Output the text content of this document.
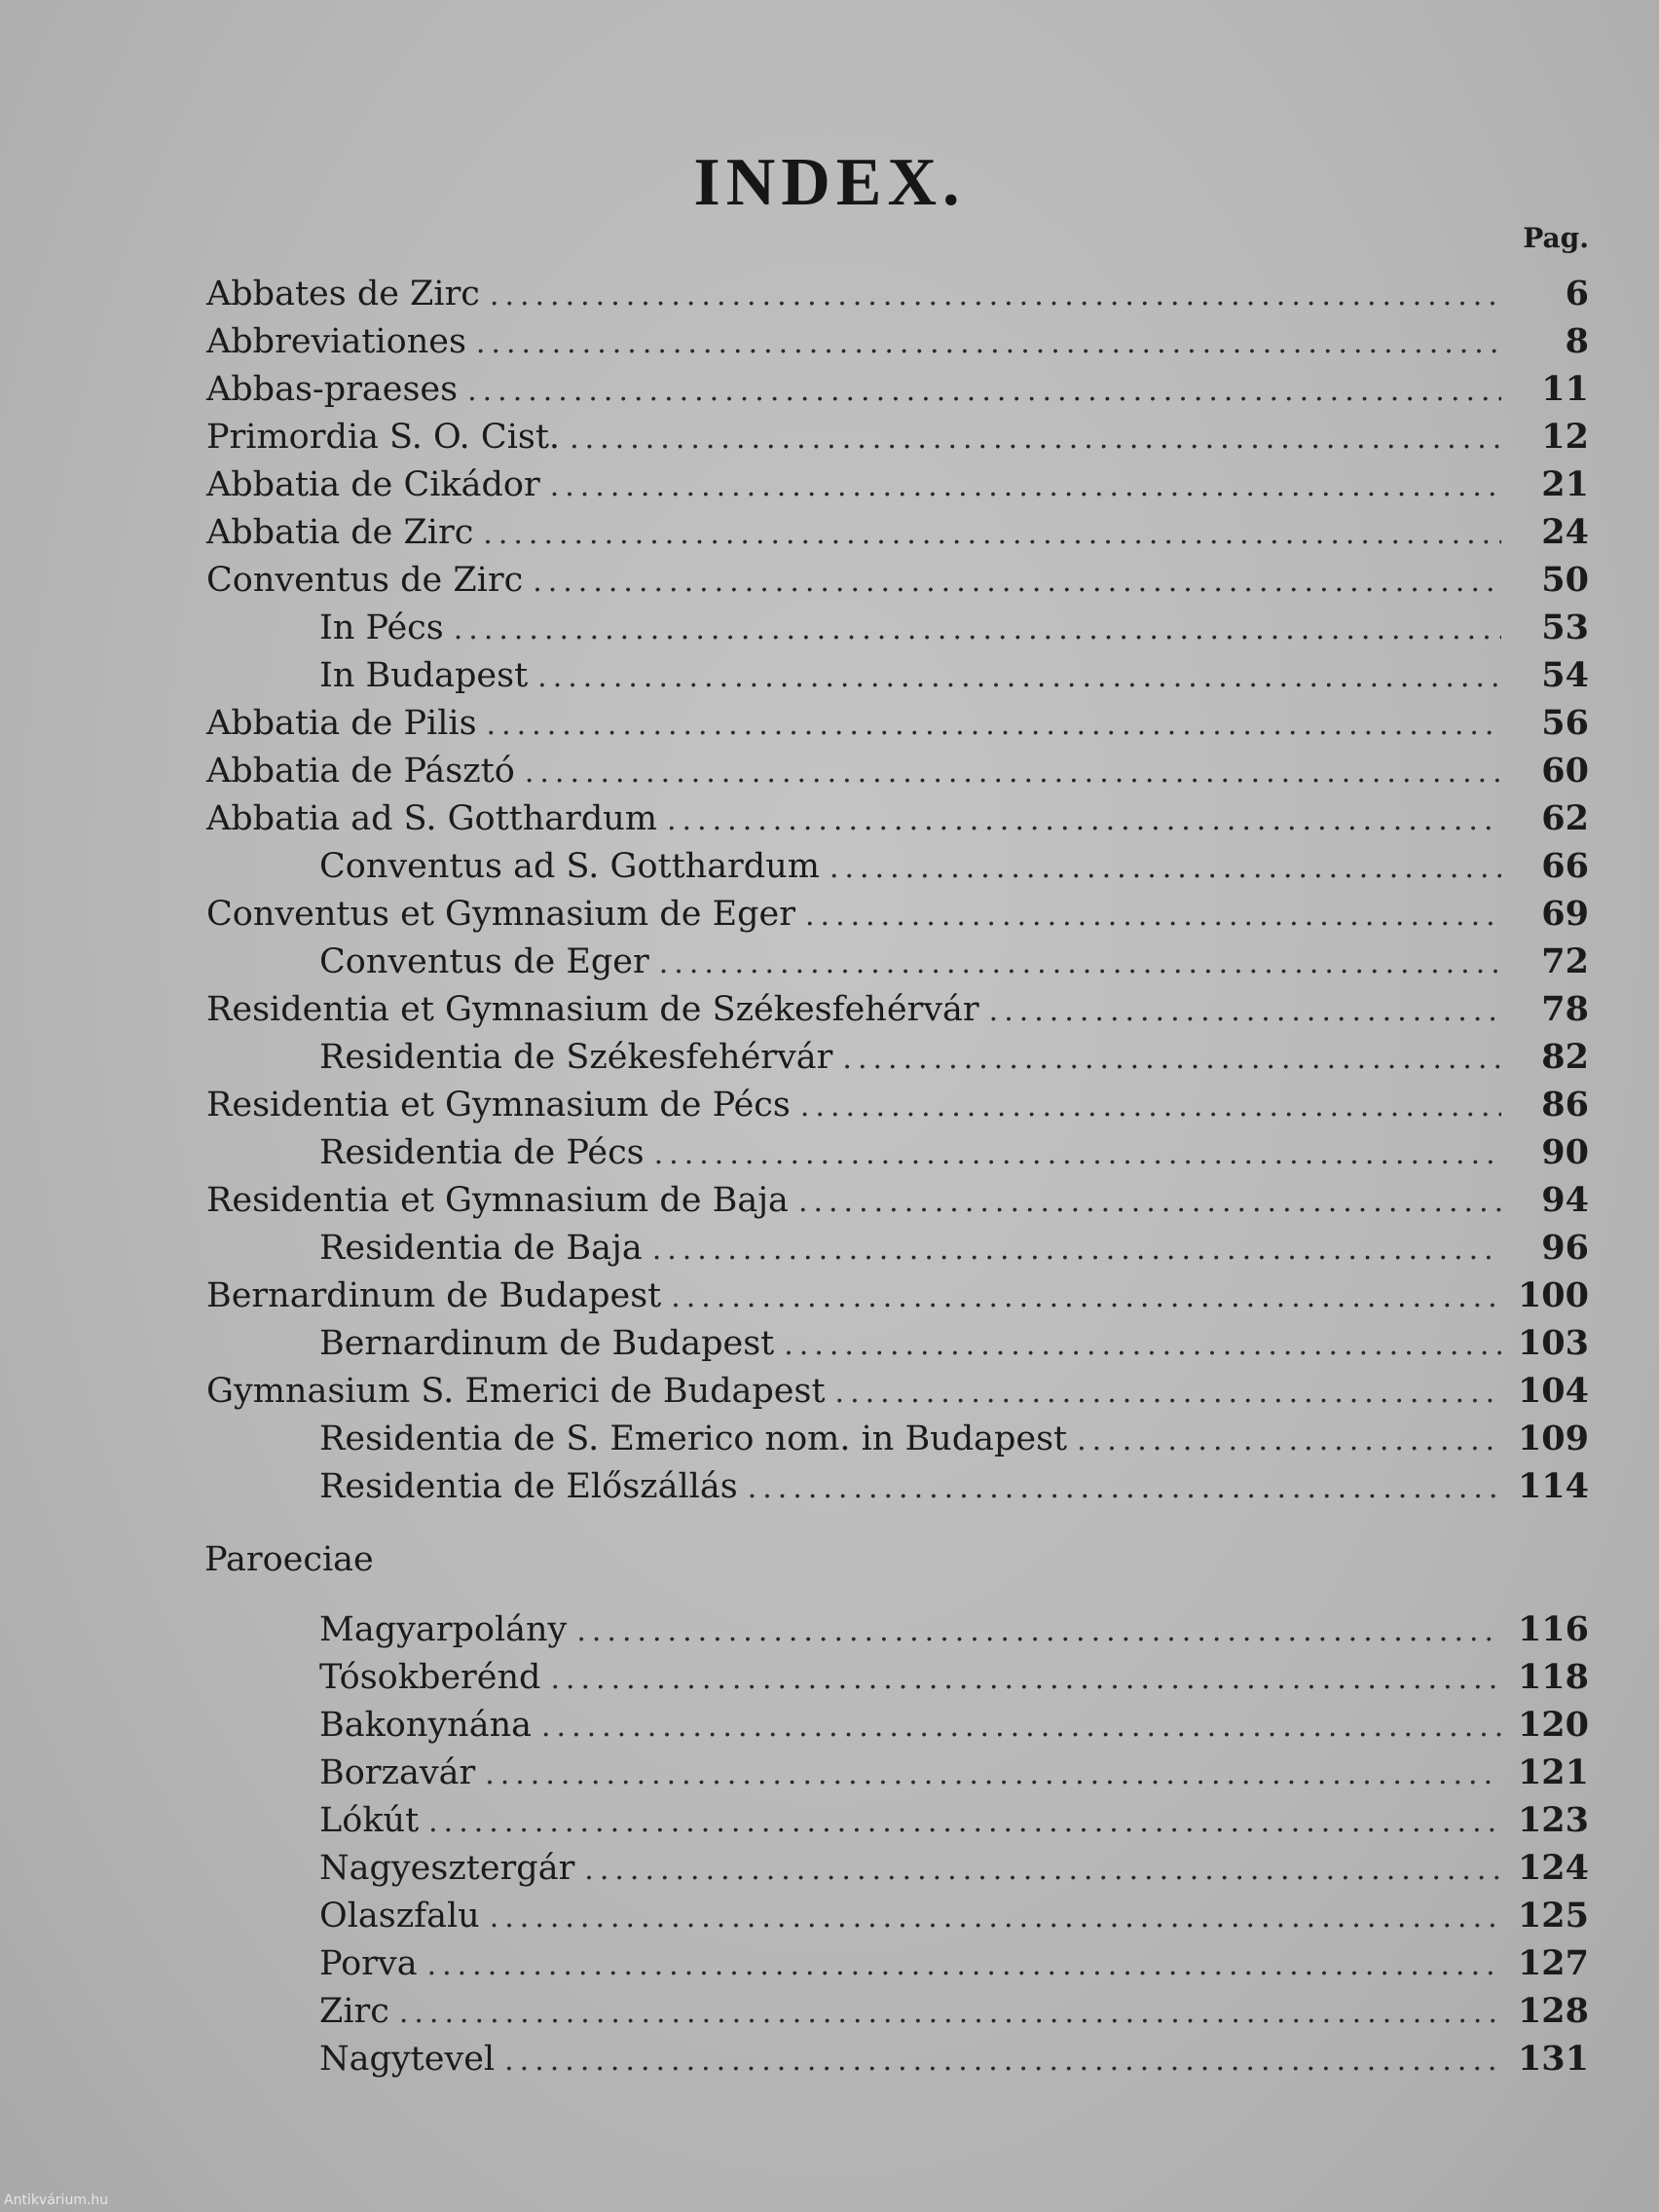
INDEX.
Pag.
Abbates de Zirc .....	6
Abbreviationes .....	8
Abbas-praeses .....	11
Primordia S. O. Cist. .....	12
Abbatia de Cikádor .....	21
Abbatia de Zirc .....	24
Conventus de Zirc .....	50
In Pécs .....	53
In Budapest .....	54
Abbatia de Pilis .....	56
Abbatia de Pásztó .....	60
Abbatia ad S. Gotthardum .....	62
Conventus ad S. Gotthardum .....	66
Conventus et Gymnasium de Eger .....	69
Conventus de Eger .....	72
Residentia et Gymnasium de Székesfehérvár .....	78
Residentia de Székesfehérvár .....	82
Residentia et Gymnasium de Pécs .....	86
Residentia de Pécs .....	90
Residentia et Gymnasium de Baja .....	94
Residentia de Baja .....	96
Bernardinum de Budapest .....	100
Bernardinum de Budapest .....	103
Gymnasium S. Emerici de Budapest .....	104
Residentia de S. Emerico nom. in Budapest .....	109
Residentia de Előszállás .....	114
Paroeciae
Magyarpolány .....	116
Tósokberénd .....	118
Bakonynána .....	120
Borzavár .....	121
Lókút .....	123
Nagyesztergár .....	124
Olaszfalu .....	125
Porva .....	127
Zirc .....	128
Nagytevel .....	131
Antikvárium.hu
